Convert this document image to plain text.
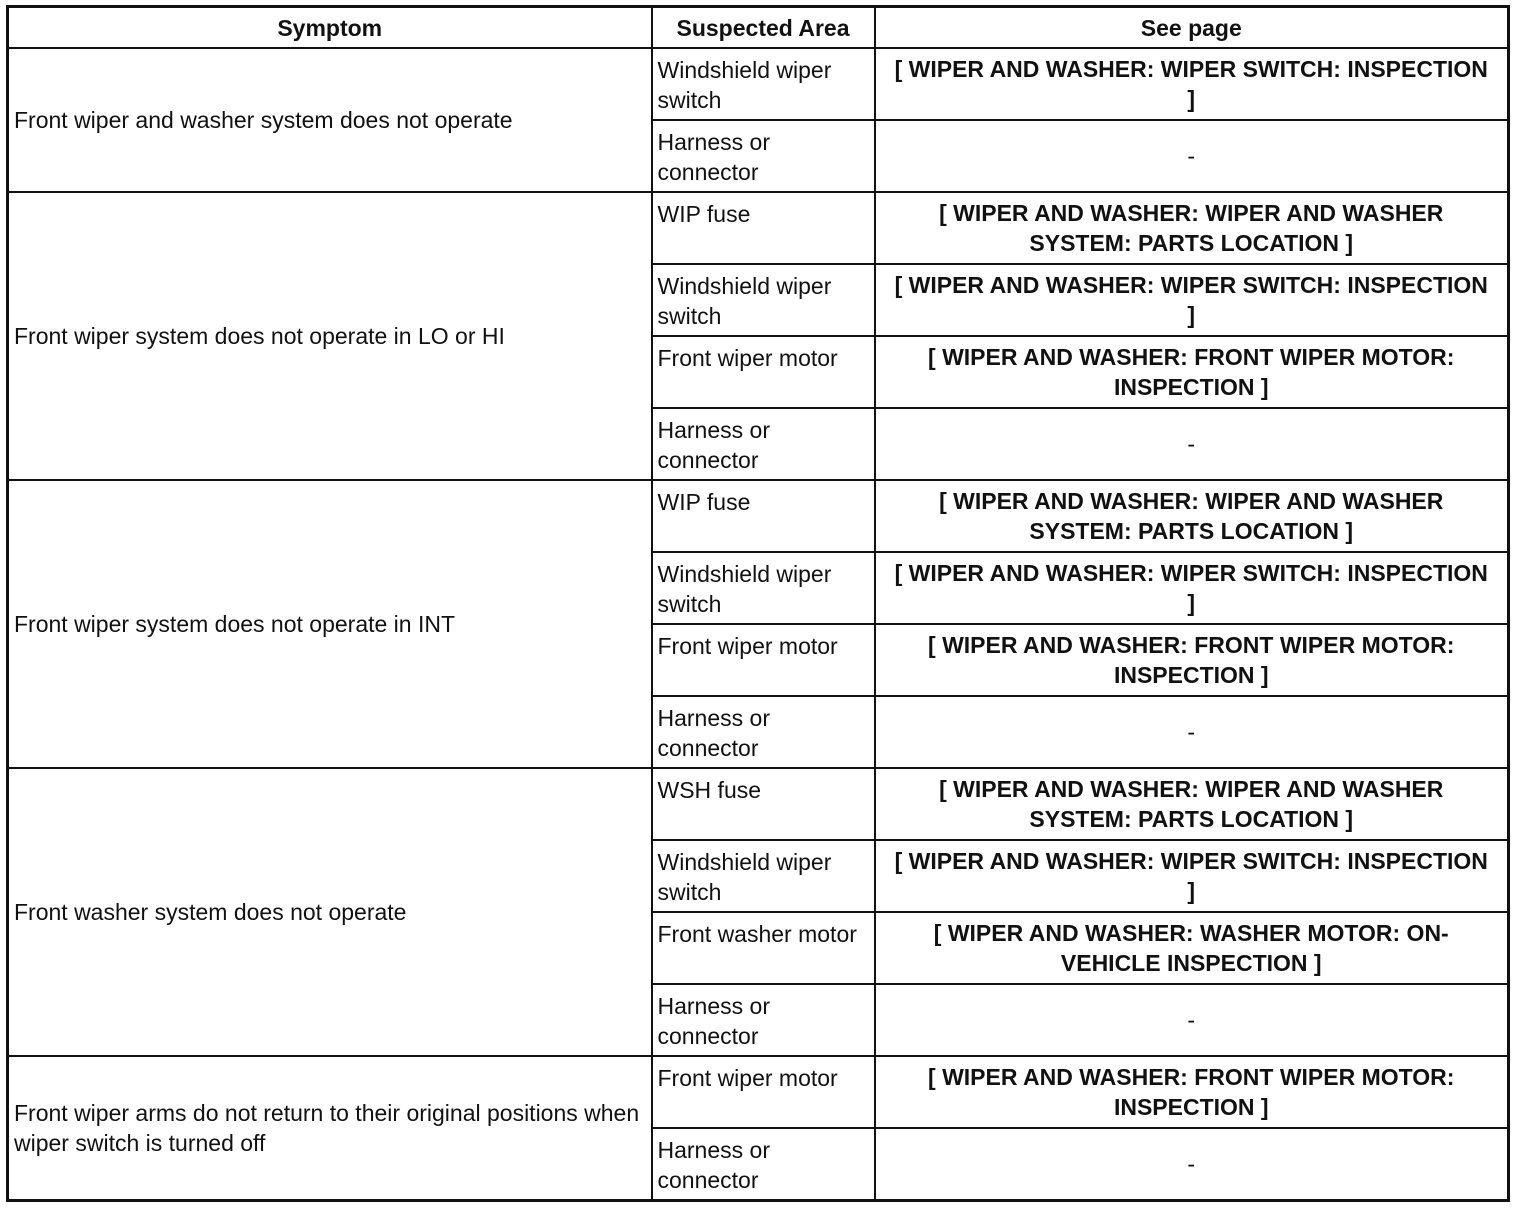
Symptom	Suspected Area	See page
Front wiper and washer system does not operate	Windshield wiper switch	[ WIPER AND WASHER: WIPER SWITCH: INSPECTION ]
	Harness or connector	-
Front wiper system does not operate in LO or HI	WIP fuse	[ WIPER AND WASHER: WIPER AND WASHER SYSTEM: PARTS LOCATION ]
	Windshield wiper switch	[ WIPER AND WASHER: WIPER SWITCH: INSPECTION ]
	Front wiper motor	[ WIPER AND WASHER: FRONT WIPER MOTOR: INSPECTION ]
	Harness or connector	-
Front wiper system does not operate in INT	WIP fuse	[ WIPER AND WASHER: WIPER AND WASHER SYSTEM: PARTS LOCATION ]
	Windshield wiper switch	[ WIPER AND WASHER: WIPER SWITCH: INSPECTION ]
	Front wiper motor	[ WIPER AND WASHER: FRONT WIPER MOTOR: INSPECTION ]
	Harness or connector	-
Front washer system does not operate	WSH fuse	[ WIPER AND WASHER: WIPER AND WASHER SYSTEM: PARTS LOCATION ]
	Windshield wiper switch	[ WIPER AND WASHER: WIPER SWITCH: INSPECTION ]
	Front washer motor	[ WIPER AND WASHER: WASHER MOTOR: ON-VEHICLE INSPECTION ]
	Harness or connector	-
Front wiper arms do not return to their original positions when wiper switch is turned off	Front wiper motor	[ WIPER AND WASHER: FRONT WIPER MOTOR: INSPECTION ]
	Harness or connector	-
